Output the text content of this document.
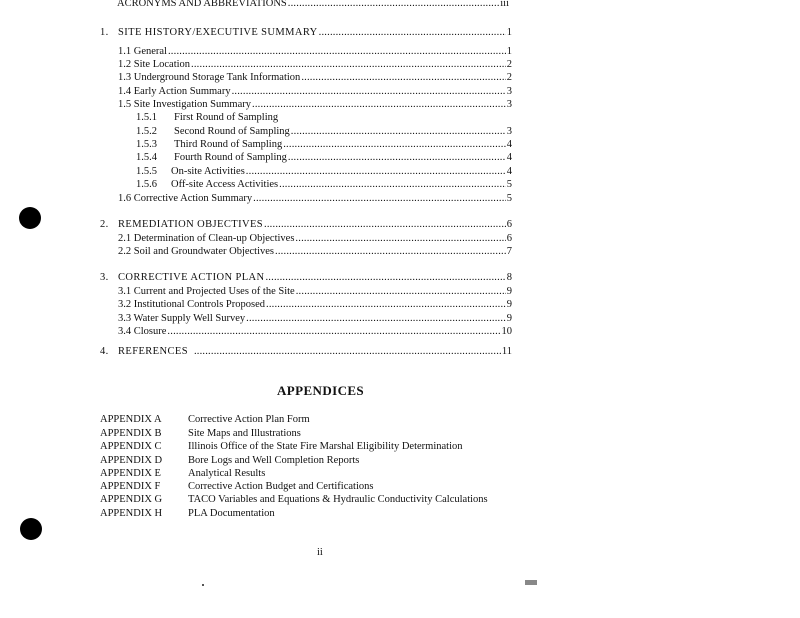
ACRONYMS AND ABBREVIATIONS .....	iii
1. SITE HISTORY/EXECUTIVE SUMMARY .....	1
1.1 General .....	1
1.2 Site Location .....	2
1.3 Underground Storage Tank Information .....	2
1.4 Early Action Summary .....	3
1.5 Site Investigation Summary .....	3
1.5.1	First Round of Sampling
1.5.2	Second Round of Sampling .....	3
1.5.3	Third Round of Sampling .....	4
1.5.4	Fourth Round of Sampling .....	4
1.5.5	On-site Activities .....	4
1.5.6	Off-site Access Activities .....	5
1.6 Corrective Action Summary .....	5
2. REMEDIATION OBJECTIVES .....	6
2.1 Determination of Clean-up Objectives .....	6
2.2 Soil and Groundwater Objectives .....	7
3. CORRECTIVE ACTION PLAN .....	8
3.1 Current and Projected Uses of the Site .....	9
3.2 Institutional Controls Proposed .....	9
3.3 Water Supply Well Survey .....	9
3.4 Closure .....	10
4. REFERENCES .....	11
APPENDICES
APPENDIX A	Corrective Action Plan Form
APPENDIX B	Site Maps and Illustrations
APPENDIX C	Illinois Office of the State Fire Marshal Eligibility Determination
APPENDIX D Bore Logs and Well Completion Reports
APPENDIX E	Analytical Results
APPENDIX F	Corrective Action Budget and Certifications
APPENDIX G TACO Variables and Equations & Hydraulic Conductivity Calculations
APPENDIX H PLA Documentation
ii
